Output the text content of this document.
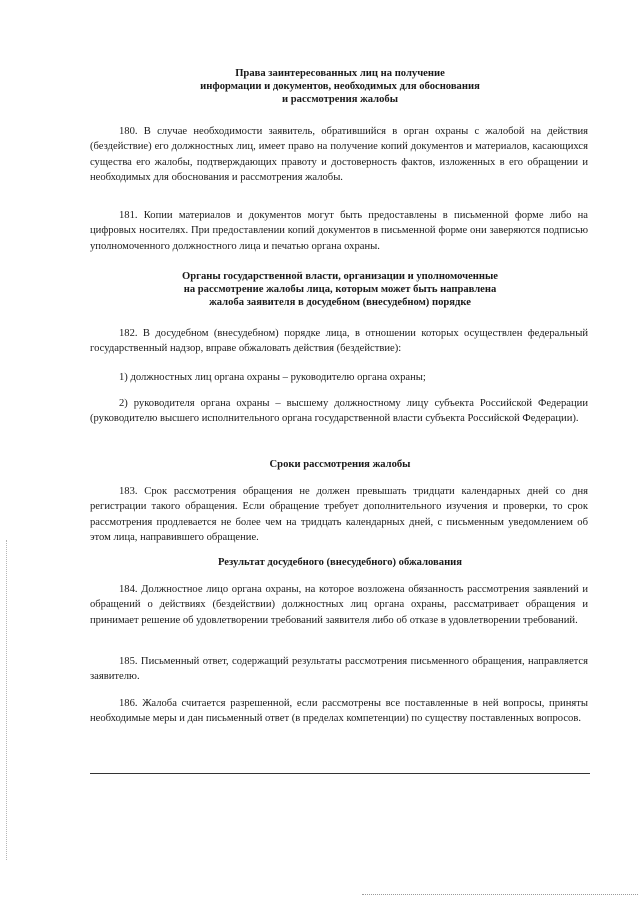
Права заинтересованных лиц на получение
информации и документов, необходимых для обоснования
и рассмотрения жалобы

180. В случае необходимости заявитель, обратившийся в орган охраны с жалобой на действия (бездействие) его должностных лиц, имеет право на получение копий документов и материалов, касающихся существа его жалобы, подтверждающих правоту и достоверность фактов, изложенных в его обращении и необходимых для обоснования и рассмотрения жалобы.

181. Копии материалов и документов могут быть предоставлены в письменной форме либо на цифровых носителях. При предоставлении копий документов в письменной форме они заверяются подписью уполномоченного должностного лица и печатью органа охраны.

Органы государственной власти, организации и уполномоченные
на рассмотрение жалобы лица, которым может быть направлена
жалоба заявителя в досудебном (внесудебном) порядке

182. В досудебном (внесудебном) порядке лица, в отношении которых осуществлен федеральный государственный надзор, вправе обжаловать действия (бездействие):

1) должностных лиц органа охраны – руководителю органа охраны;

2) руководителя органа охраны – высшему должностному лицу субъекта Российской Федерации (руководителю высшего исполнительного органа государственной власти субъекта Российской Федерации).

Сроки рассмотрения жалобы

183. Срок рассмотрения обращения не должен превышать тридцати календарных дней со дня регистрации такого обращения. Если обращение требует дополнительного изучения и проверки, то срок рассмотрения продлевается не более чем на тридцать календарных дней, с письменным уведомлением об этом лица, направившего обращение.

Результат досудебного (внесудебного) обжалования

184. Должностное лицо органа охраны, на которое возложена обязанность рассмотрения заявлений и обращений о действиях (бездействии) должностных лиц органа охраны, рассматривает обращения и принимает решение об удовлетворении требований заявителя либо об отказе в удовлетворении требований.

185. Письменный ответ, содержащий результаты рассмотрения письменного обращения, направляется заявителю.

186. Жалоба считается разрешенной, если рассмотрены все поставленные в ней вопросы, приняты необходимые меры и дан письменный ответ (в пределах компетенции) по существу поставленных вопросов.
